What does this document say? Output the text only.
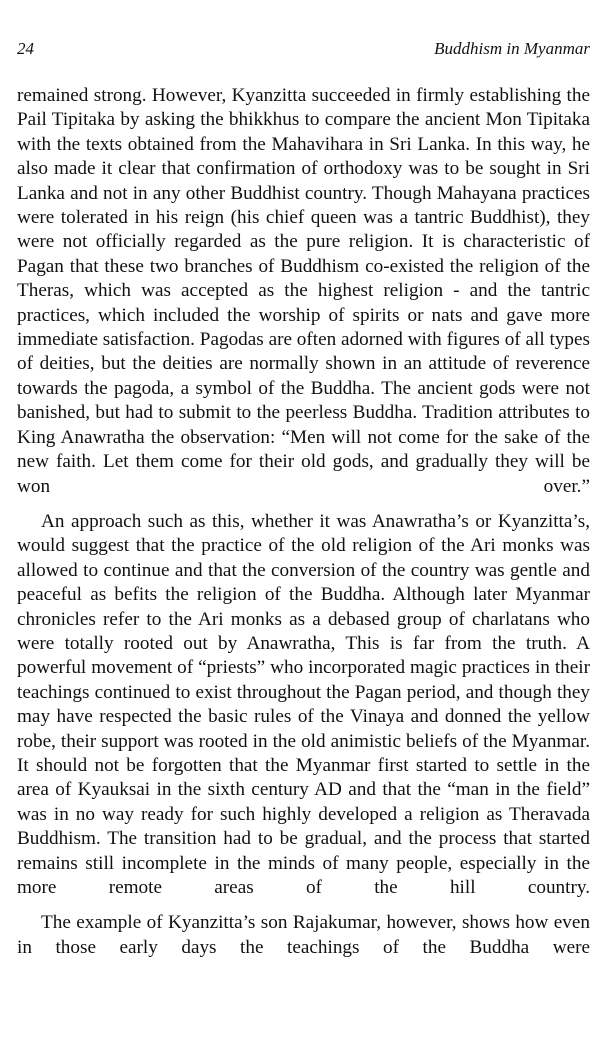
24	Buddhism in Myanmar

remained strong. However, Kyanzitta succeeded in firmly establishing the Pail Tipitaka by asking the bhikkhus to compare the ancient Mon Tipitaka with the texts obtained from the Mahavihara in Sri Lanka. In this way, he also made it clear that confirmation of orthodoxy was to be sought in Sri Lanka and not in any other Buddhist country. Though Mahayana practices were tolerated in his reign (his chief queen was a tantric Buddhist), they were not officially regarded as the pure religion. It is characteristic of Pagan that these two branches of Buddhism co-existed the religion of the Theras, which was accepted as the highest religion - and the tantric practices, which included the worship of spirits or nats and gave more immediate satisfaction. Pagodas are often adorned with figures of all types of deities, but the deities are normally shown in an attitude of reverence towards the pagoda, a symbol of the Buddha. The ancient gods were not banished, but had to submit to the peerless Buddha. Tradition attributes to King Anawratha the observation: “Men will not come for the sake of the new faith. Let them come for their old gods, and gradually they will be won over.”

An approach such as this, whether it was Anawratha’s or Kyanzitta’s, would suggest that the practice of the old religion of the Ari monks was allowed to continue and that the conversion of the country was gentle and peaceful as befits the religion of the Buddha. Although later Myanmar chronicles refer to the Ari monks as a debased group of charlatans who were totally rooted out by Anawratha, This is far from the truth. A powerful movement of “priests” who incorporated magic practices in their teachings continued to exist throughout the Pagan period, and though they may have respected the basic rules of the Vinaya and donned the yellow robe, their support was rooted in the old animistic beliefs of the Myanmar. It should not be forgotten that the Myanmar first started to settle in the area of Kyauksai in the sixth century AD and that the “man in the field” was in no way ready for such highly developed a religion as Theravada Buddhism. The transition had to be gradual, and the process that started remains still incomplete in the minds of many people, especially in the more remote areas of the hill country.

The example of Kyanzitta’s son Rajakumar, however, shows how even in those early days the teachings of the Buddha were
